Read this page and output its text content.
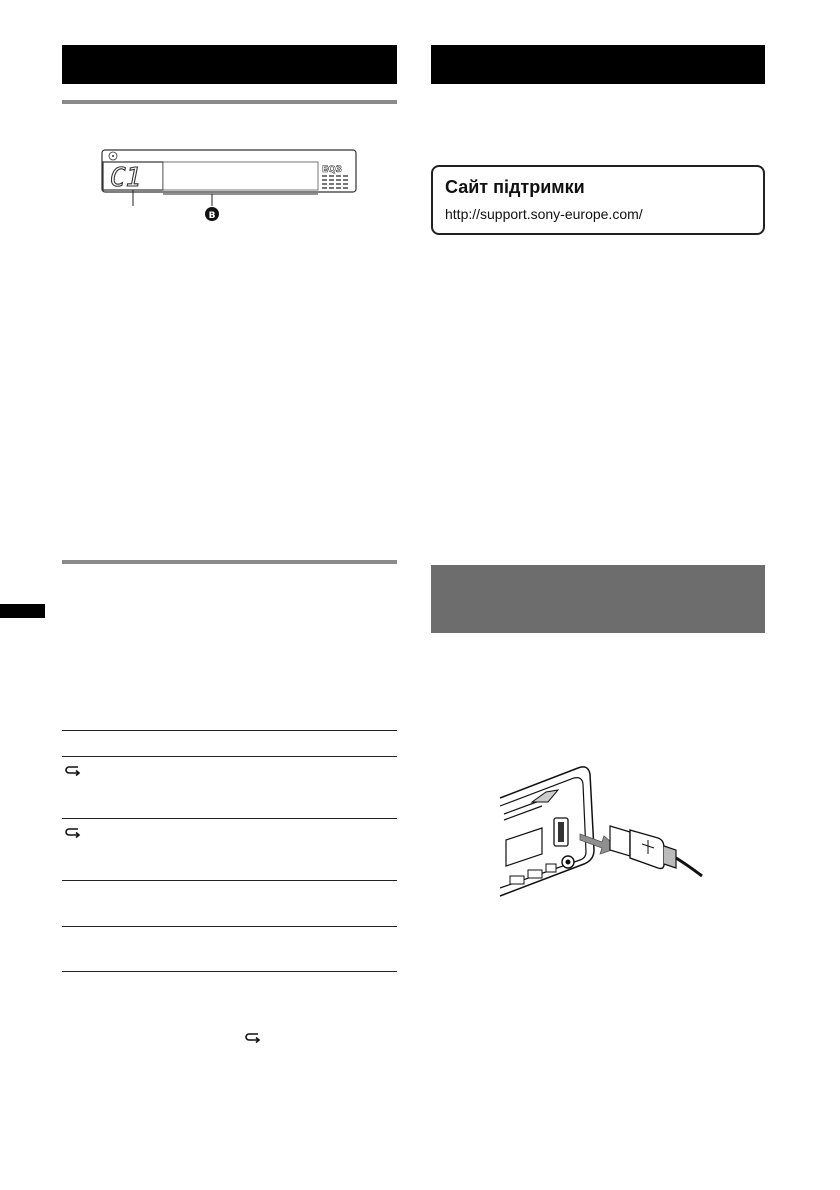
C1	EQ3
B

Сайт підтримки

http://support.sony-europe.com/
